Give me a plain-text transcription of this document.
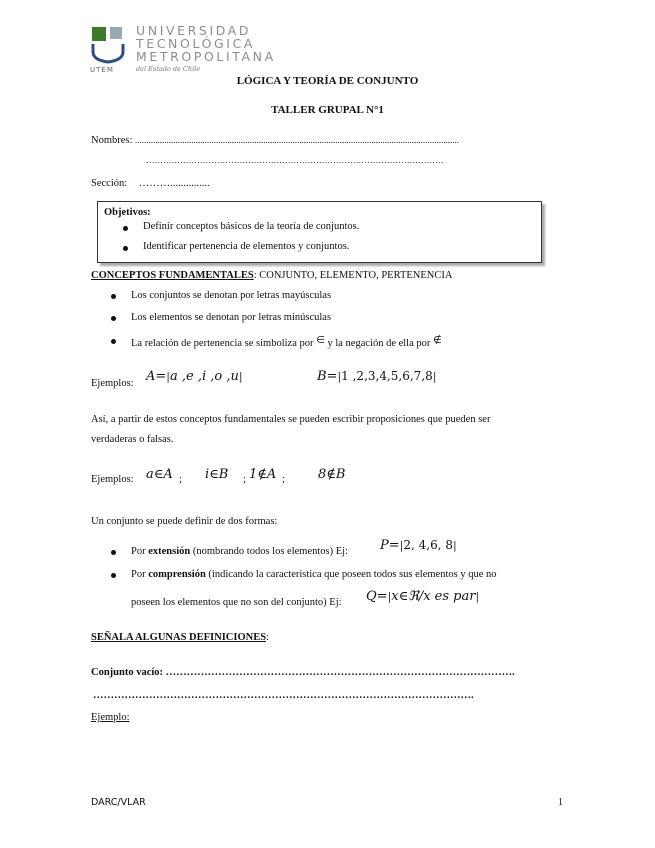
UTEM
UNIVERSIDAD
TECNOLÓGICA
METROPOLITANA
del Estado de Chile
LÓGICA Y TEORÍA DE CONJUNTO
TALLER GRUPAL N°1
Nombres: ................................................................................................................................................
……………………………………………………………………………………………
Sección: ………...............
Objetivos:
Definir conceptos básicos de la teoría de conjuntos.
Identificar pertenencia de elementos y conjuntos.
CONCEPTOS FUNDAMENTALES: CONJUNTO, ELEMENTO, PERTENENCIA
Los conjuntos se denotan por letras mayúsculas
Los elementos se denotan por letras minúsculas
La relación de pertenencia se simboliza por ∈ y la negación de ella por ∉
Ejemplos: A=|a ,e ,i ,o ,u|	B=|1 ,2,3,4,5,6,7,8|
Así, a partir de estos conceptos fundamentales se pueden escribir proposiciones que pueden ser
verdaderas o falsas.
Ejemplos: a∈A ; i∈B ; 1∉A ;	8∉B
Un conjunto se puede definir de dos formas:
Por extensión (nombrando todos los elementos) Ej: P=|2, 4,6, 8|
Por comprensión (indicando la característica que poseen todos sus elementos y que no
poseen los elementos que no son del conjunto) Ej: Q=|x∈ℜ/x es par|
SEÑALA ALGUNAS DEFINICIONES:
Conjunto vacío: ……………………………………………………………………………………….
……………………………………………………………………………………………….
Ejemplo:
DARC/VLAR	1
